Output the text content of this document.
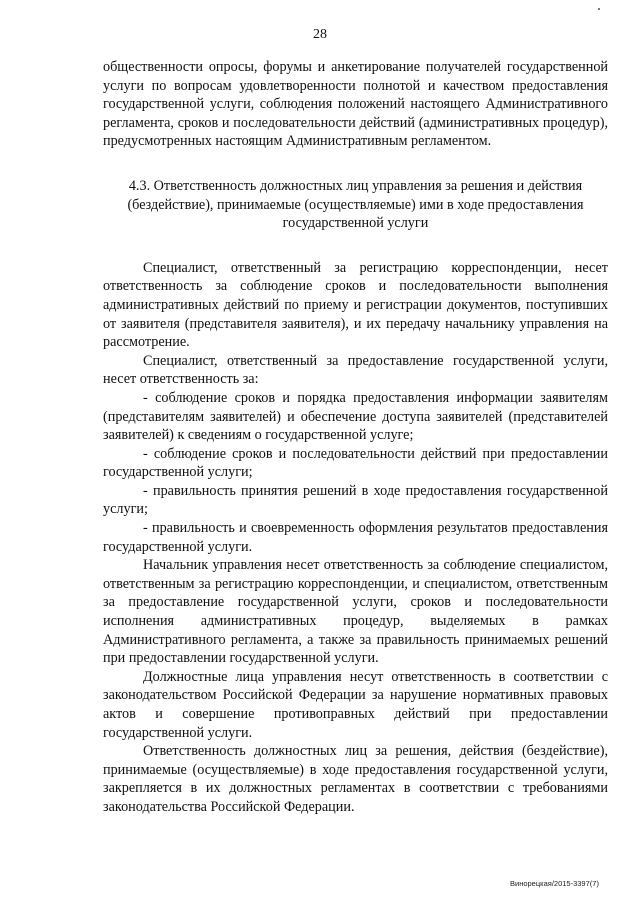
28

общественности опросы, форумы и анкетирование получателей государственной услуги по вопросам удовлетворенности полнотой и качеством предоставления государственной услуги, соблюдения положений настоящего Административного регламента, сроков и последовательности действий (административных процедур), предусмотренных настоящим Административным регламентом.

4.3. Ответственность должностных лиц управления за решения и действия (бездействие), принимаемые (осуществляемые) ими в ходе предоставления государственной услуги

Специалист, ответственный за регистрацию корреспонденции, несет ответственность за соблюдение сроков и последовательности выполнения административных действий по приему и регистрации документов, поступивших от заявителя (представителя заявителя), и их передачу начальнику управления на рассмотрение.

Специалист, ответственный за предоставление государственной услуги, несет ответственность за:

- соблюдение сроков и порядка предоставления информации заявителям (представителям заявителей) и обеспечение доступа заявителей (представителей заявителей) к сведениям о государственной услуге;

- соблюдение сроков и последовательности действий при предоставлении государственной услуги;

- правильность принятия решений в ходе предоставления государственной услуги;

- правильность и своевременность оформления результатов предоставления государственной услуги.

Начальник управления несет ответственность за соблюдение специалистом, ответственным за регистрацию корреспонденции, и специалистом, ответственным за предоставление государственной услуги, сроков и последовательности исполнения административных процедур, выделяемых в рамках Административного регламента, а также за правильность принимаемых решений при предоставлении государственной услуги.

Должностные лица управления несут ответственность в соответствии с законодательством Российской Федерации за нарушение нормативных правовых актов и совершение противоправных действий при предоставлении государственной услуги.

Ответственность должностных лиц за решения, действия (бездействие), принимаемые (осуществляемые) в ходе предоставления государственной услуги, закрепляется в их должностных регламентах в соответствии с требованиями законодательства Российской Федерации.

Винорецкая/2015-3397(7)
